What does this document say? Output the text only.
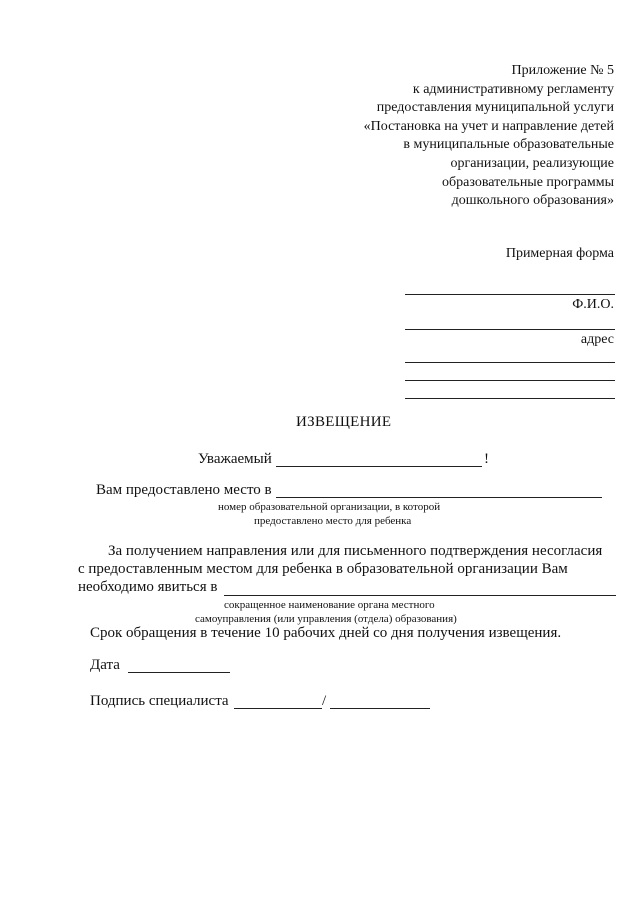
Приложение № 5
к административному регламенту
предоставления муниципальной услуги
«Постановка на учет и направление детей
в муниципальные образовательные
организации, реализующие
образовательные программы
дошкольного образования»
Примерная форма
Ф.И.О.
адрес
ИЗВЕЩЕНИЕ
Уважаемый	!
Вам предоставлено место в
номер образовательной организации, в которой
предоставлено место для ребенка
За получением направления или для письменного подтверждения несогласия
с предоставленным местом для ребенка в образовательной организации Вам
необходимо явиться в
сокращенное наименование органа местного
самоуправления (или управления (отдела) образования)
Срок обращения в течение 10 рабочих дней со дня получения извещения.
Дата
Подпись специалиста	/
